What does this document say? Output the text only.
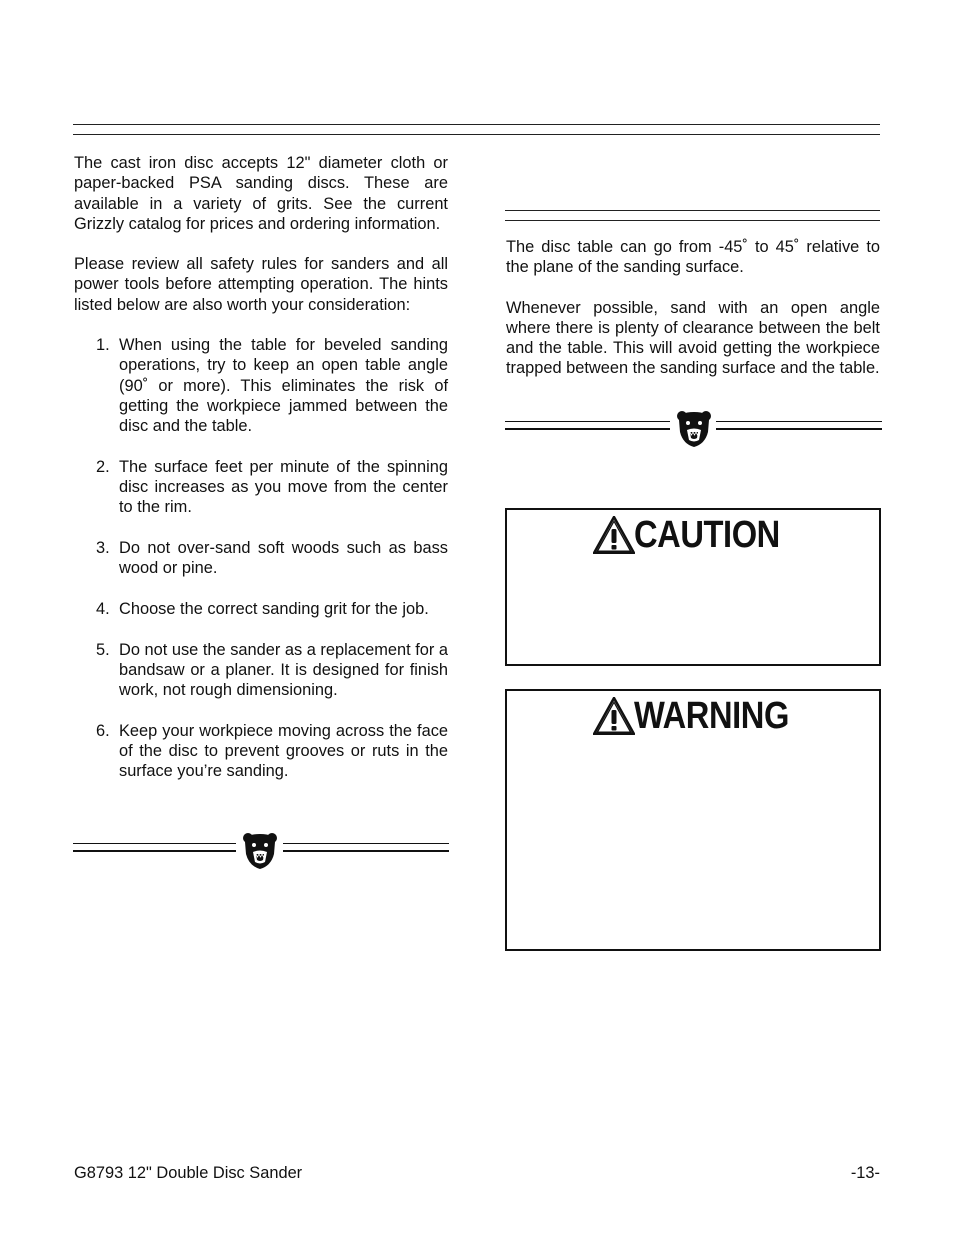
The cast iron disc accepts 12" diameter cloth or paper-backed PSA sanding discs. These are available in a variety of grits. See the current Grizzly catalog for prices and ordering information.

Please review all safety rules for sanders and all power tools before attempting operation. The hints listed below are also worth your consideration:

1. When using the table for beveled sanding operations, try to keep an open table angle (90˚ or more). This eliminates the risk of getting the workpiece jammed between the disc and the table.
2. The surface feet per minute of the spinning disc increases as you move from the center to the rim.
3. Do not over-sand soft woods such as bass wood or pine.
4. Choose the correct sanding grit for the job.
5. Do not use the sander as a replacement for a bandsaw or a planer. It is designed for finish work, not rough dimensioning.
6. Keep your workpiece moving across the face of the disc to prevent grooves or ruts in the surface you’re sanding.

The disc table can go from -45˚ to 45˚ relative to the plane of the sanding surface.

Whenever possible, sand with an open angle where there is plenty of clearance between the belt and the table. This will avoid getting the workpiece trapped between the sanding surface and the table.

CAUTION
WARNING
G8793 12" Double Disc Sander	-13-
